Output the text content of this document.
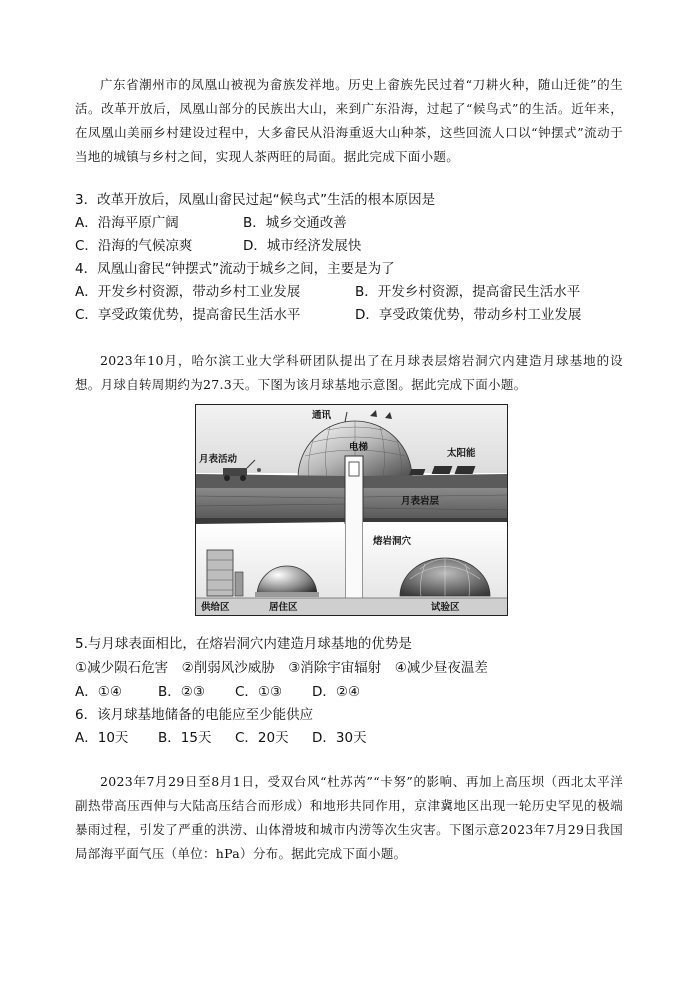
广东省潮州市的凤凰山被视为畲族发祥地。历史上畲族先民过着“刀耕火种，随山迁徙”的生活。改革开放后，凤凰山部分的民族出大山，来到广东沿海，过起了“候鸟式”的生活。近年来，在凤凰山美丽乡村建设过程中，大多畲民从沿海重返大山种茶，这些回流人口以“钟摆式”流动于当地的城镇与乡村之间，实现人茶两旺的局面。据此完成下面小题。
3．改革开放后，凤凰山畲民过起“候鸟式”生活的根本原因是
A．沿海平原广阔	B．城乡交通改善
C．沿海的气候凉爽	D．城市经济发展快
4．凤凰山畲民“钟摆式”流动于城乡之间，主要是为了
A．开发乡村资源，带动乡村工业发展	B．开发乡村资源，提高畲民生活水平
C．享受政策优势，提高畲民生活水平	D．享受政策优势，带动乡村工业发展
2023年10月，哈尔滨工业大学科研团队提出了在月球表层熔岩洞穴内建造月球基地的设想。月球自转周期约为27.3天。下图为该月球基地示意图。据此完成下面小题。
通讯
月表活动
太阳能
电梯
月表岩层
熔岩洞穴
供给区	居住区	试验区
5.与月球表面相比，在熔岩洞穴内建造月球基地的优势是
①减少陨石危害　②削弱风沙威胁　③消除宇宙辐射　④减少昼夜温差
A．①④	B．②③ C．①③ D．②④
6．该月球基地储备的电能应至少能供应
A．10天 B．15天 C．20天 D．30天
2023年7月29日至8月1日，受双台风“杜苏芮”“卡努”的影响、再加上高压坝（西北太平洋副热带高压西伸与大陆高压结合而形成）和地形共同作用，京津冀地区出现一轮历史罕见的极端暴雨过程，引发了严重的洪涝、山体滑坡和城市内涝等次生灾害。下图示意2023年7月29日我国局部海平面气压（单位：hPa）分布。据此完成下面小题。
